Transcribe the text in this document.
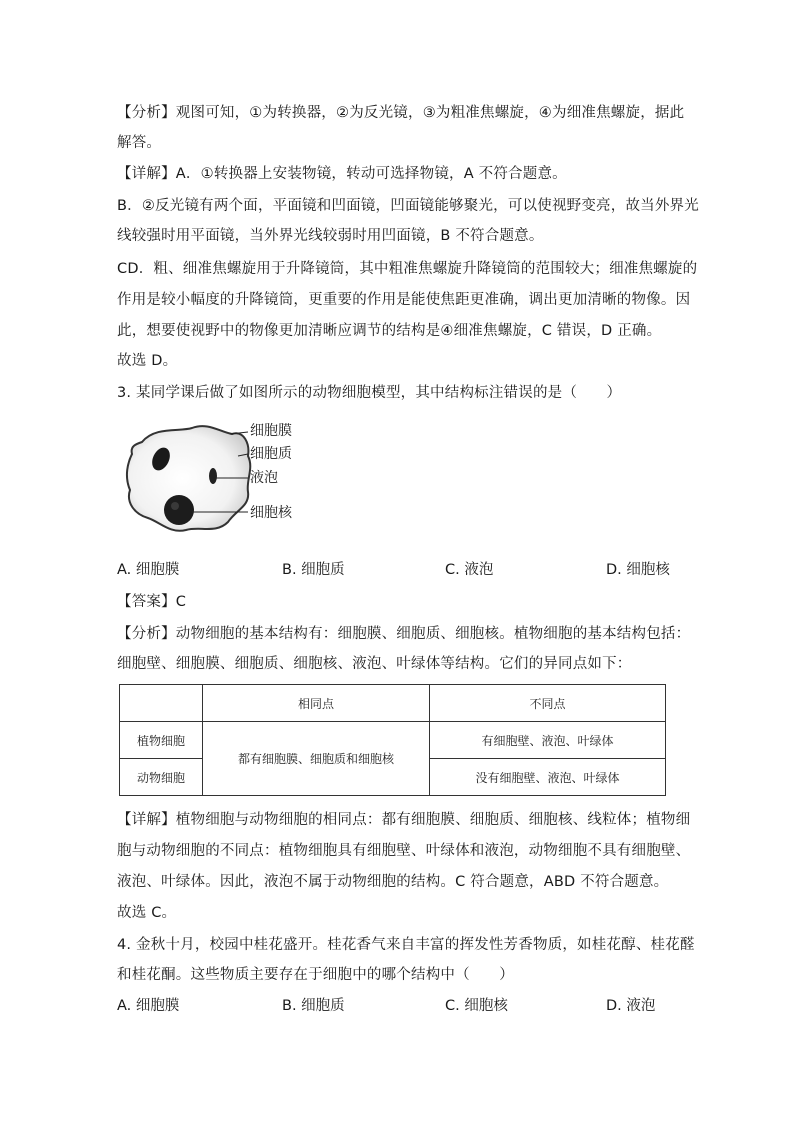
【分析】观图可知，①为转换器，②为反光镜，③为粗准焦螺旋，④为细准焦螺旋，据此
解答。
【详解】A．①转换器上安装物镜，转动可选择物镜，A 不符合题意。
B．②反光镜有两个面，平面镜和凹面镜，凹面镜能够聚光，可以使视野变亮，故当外界光
线较强时用平面镜，当外界光线较弱时用凹面镜，B 不符合题意。
CD．粗、细准焦螺旋用于升降镜筒，其中粗准焦螺旋升降镜筒的范围较大；细准焦螺旋的
作用是较小幅度的升降镜筒，更重要的作用是能使焦距更准确，调出更加清晰的物像。因
此，想要使视野中的物像更加清晰应调节的结构是④细准焦螺旋，C 错误，D 正确。
故选 D。
3. 某同学课后做了如图所示的动物细胞模型，其中结构标注错误的是（　　）
细胞膜
细胞质
液泡
细胞核
A. 细胞膜	B. 细胞质	C. 液泡	D. 细胞核
【答案】C
【分析】动物细胞的基本结构有：细胞膜、细胞质、细胞核。植物细胞的基本结构包括：
细胞壁、细胞膜、细胞质、细胞核、液泡、叶绿体等结构。它们的异同点如下：
	相同点	不同点
植物细胞	都有细胞膜、细胞质和细胞核	有细胞壁、液泡、叶绿体
动物细胞		没有细胞壁、液泡、叶绿体
【详解】植物细胞与动物细胞的相同点：都有细胞膜、细胞质、细胞核、线粒体；植物细
胞与动物细胞的不同点：植物细胞具有细胞壁、叶绿体和液泡，动物细胞不具有细胞壁、
液泡、叶绿体。因此，液泡不属于动物细胞的结构。C 符合题意，ABD 不符合题意。
故选 C。
4. 金秋十月，校园中桂花盛开。桂花香气来自丰富的挥发性芳香物质，如桂花醇、桂花醛
和桂花酮。这些物质主要存在于细胞中的哪个结构中（　　）
A. 细胞膜	B. 细胞质	C. 细胞核	D. 液泡
